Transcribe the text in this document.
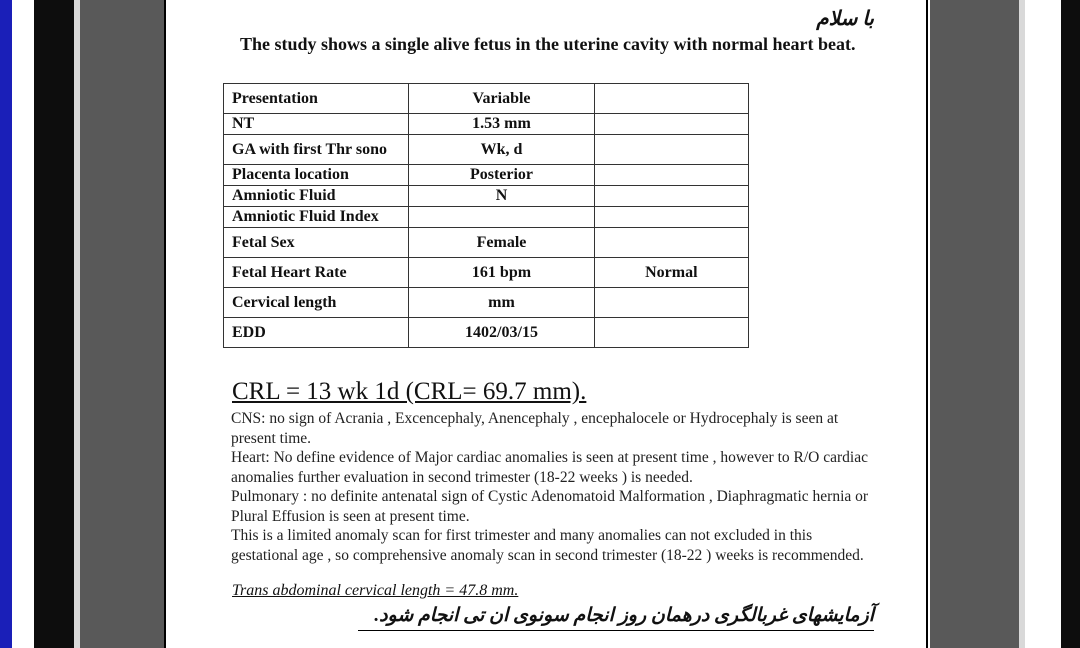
با سلام
The study shows a single alive fetus in the uterine cavity with normal heart beat.
Presentation	Variable	
NT	1.53 mm	
GA with first Thr sono	Wk, d	
Placenta location	Posterior	
Amniotic Fluid	N	
Amniotic Fluid Index		
Fetal Sex	Female	
Fetal Heart Rate	161 bpm	Normal
Cervical length	mm	
EDD	1402/03/15	
CRL = 13 wk 1d (CRL= 69.7 mm).

CNS: no sign of Acrania , Excencephaly, Anencephaly , encephalocele or Hydrocephaly is seen at present time.

Heart: No define evidence of Major cardiac anomalies is seen at present time , however to R/O cardiac anomalies further evaluation in second trimester (18-22 weeks ) is needed.

Pulmonary : no definite antenatal sign of Cystic Adenomatoid Malformation , Diaphragmatic hernia or Plural Effusion is seen at present time.

This is a limited anomaly scan for first trimester and many anomalies can not excluded in this gestational age , so comprehensive anomaly scan in second trimester (18-22 ) weeks is recommended.

Trans abdominal cervical length = 47.8 mm.
آزمایشهای غربالگری درهمان روز انجام سونوی ان تی انجام شود.
